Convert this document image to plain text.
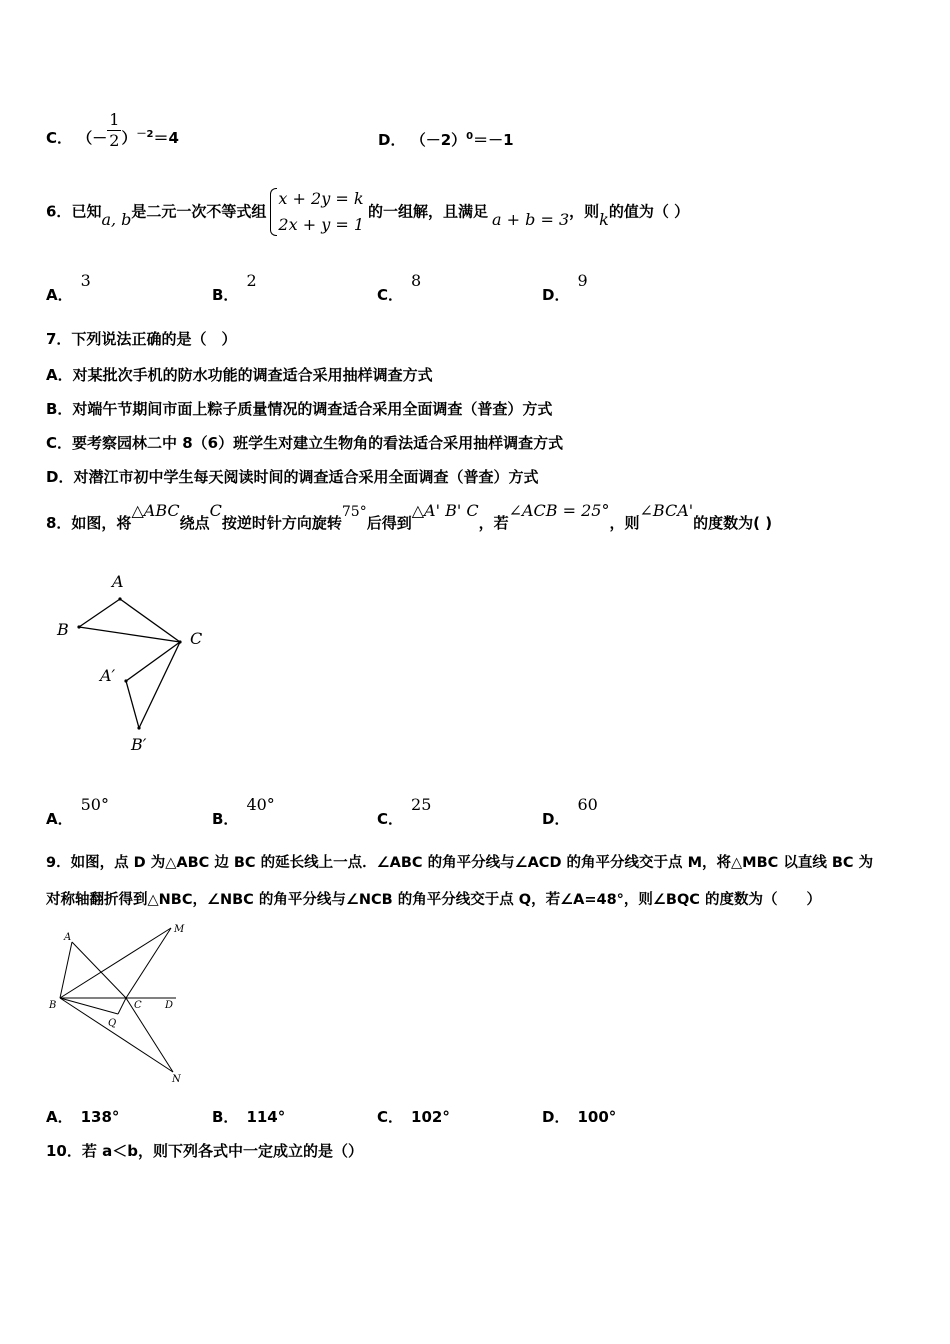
C． （－ $\frac{1}{2} )^{-2}=4$	D． $(-2)^0=-1$
6．已知a, b是二元一次不等式组
x + 2y = k
2x + y = 1
的一组解，且满足 a + b = 3，则k的值为（ ）
A．3
B．2
C．8
D．9
7．下列说法正确的是（　）
A．对某批次手机的防水功能的调查适合采用抽样调查方式
B．对端午节期间市面上粽子质量情况的调查适合采用全面调查（普查）方式
C．要考察园林二中 8（6）班学生对建立生物角的看法适合采用抽样调查方式
D．对潜江市初中学生每天阅读时间的调查适合采用全面调查（普查）方式
8．如图，将△ABC绕点C按逆时针方向旋转75°后得到△A' B' C，若∠ACB = 25°，则∠BCA'的度数为( )
A
B	C
A′
B′
A．50°
B．40°
C．25
D．60
9．如图，点 D 为△ABC 边 BC 的延长线上一点．∠ABC 的角平分线与∠ACD 的角平分线交于点 M，将△MBC 以直线 BC 为
对称轴翻折得到△NBC，∠NBC 的角平分线与∠NCB 的角平分线交于点 Q，若∠A=48°，则∠BQC 的度数为（　　）
A
M
B	C D
Q
N
A． 138°	B． 114°	C． 102°	D． 100°
10．若 a＜b，则下列各式中一定成立的是（）
